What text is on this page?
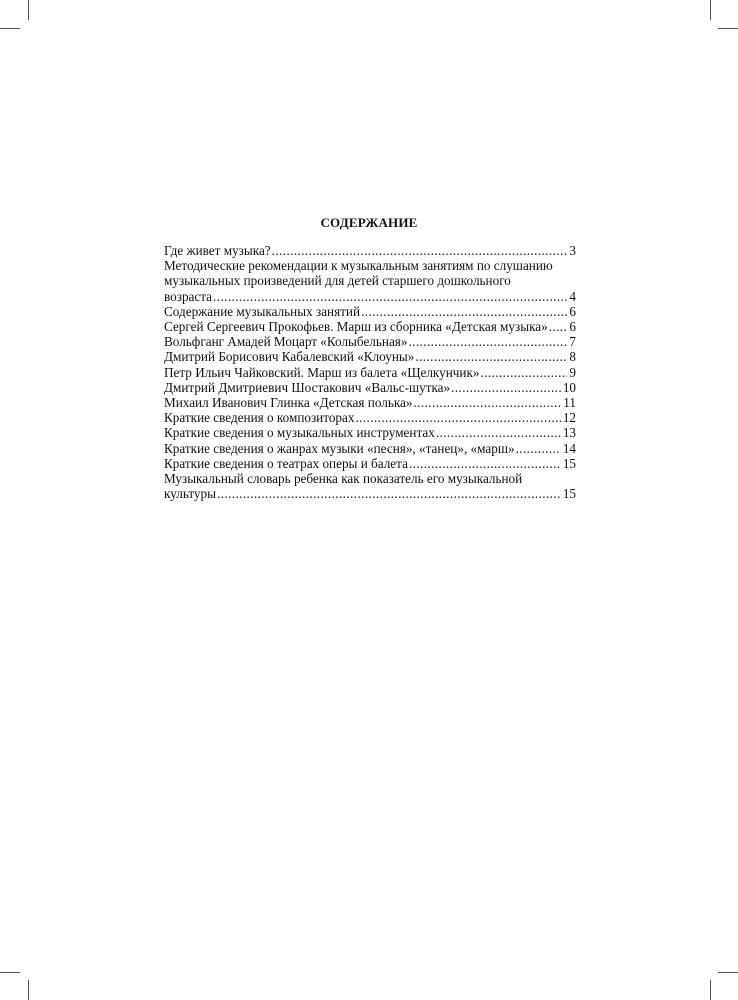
СОДЕРЖАНИЕ
Где живет музыка? .....	3
Методические рекомендации к музыкальным занятиям по слушанию
музыкальных произведений для детей старшего дошкольного
возраста .....	4
Содержание музыкальных занятий .....	6
Сергей Сергеевич Прокофьев. Марш из сборника «Детская музыка» ..... 6
Вольфганг Амадей Моцарт «Колыбельная» .....	7
Дмитрий Борисович Кабалевский «Клоуны» .....	8
Петр Ильич Чайковский. Марш из балета «Щелкунчик» .....	9
Дмитрий Дмитриевич Шостакович «Вальс-шутка» .....	10
Михаил Иванович Глинка «Детская полька» .....	11
Краткие сведения о композиторах .....	12
Краткие сведения о музыкальных инструментах .....	13
Краткие сведения о жанрах музыки «песня», «танец», «марш» .....	14
Краткие сведения о театрах оперы и балета .....	15
Музыкальный словарь ребенка как показатель его музыкальной
культуры .....	15
